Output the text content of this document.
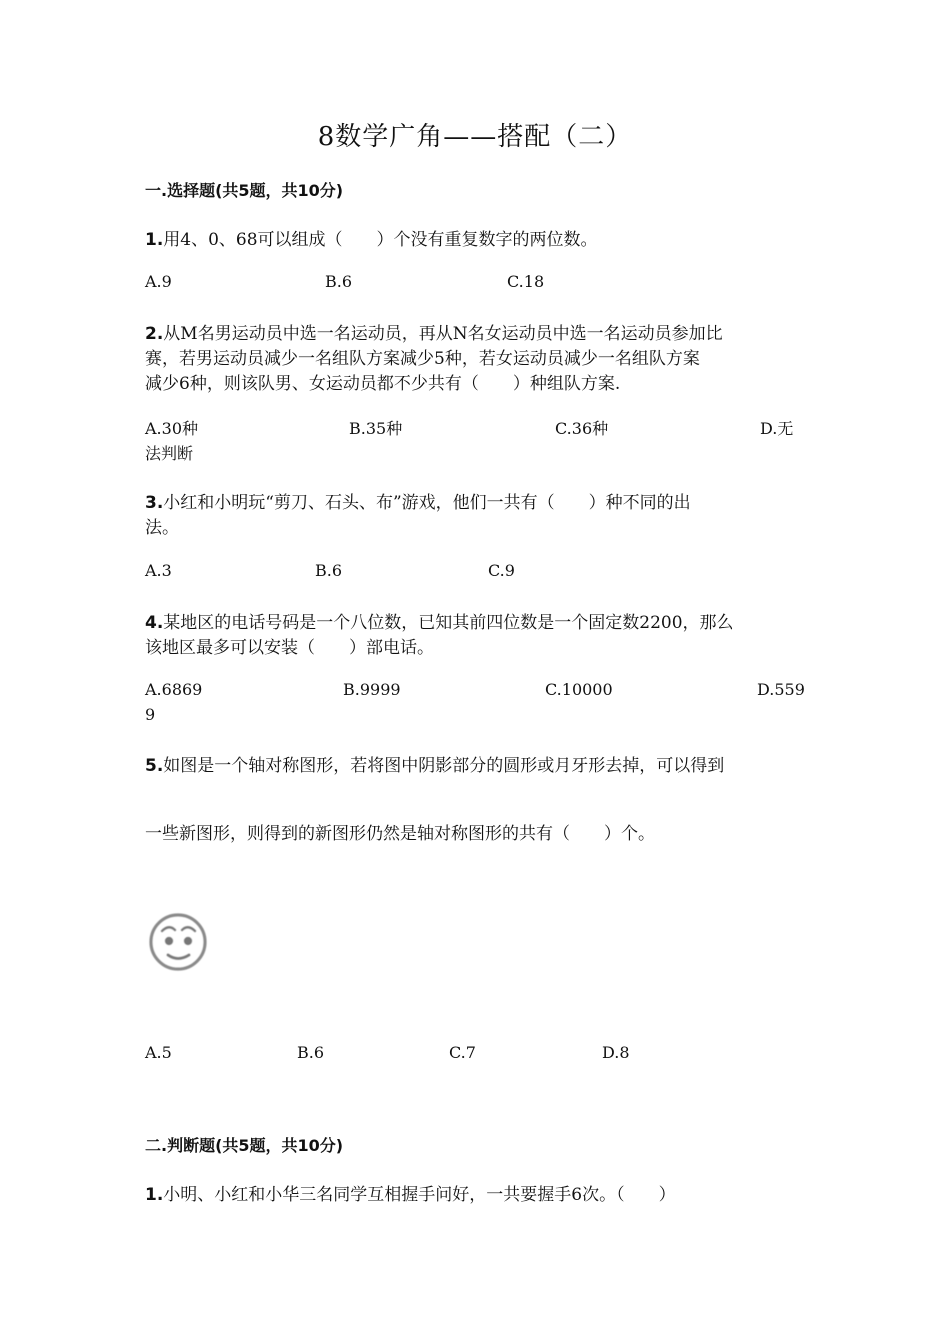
8数学广角——搭配（二）
一.选择题(共5题，共10分)
1.用4、0、68可以组成（　　）个没有重复数字的两位数。
A.9	B.6	C.18
2.从M名男运动员中选一名运动员，再从N名女运动员中选一名运动员参加比
赛，若男运动员减少一名组队方案减少5种，若女运动员减少一名组队方案
减少6种，则该队男、女运动员都不少共有（　　）种组队方案.
A.30种	B.35种	C.36种	D.无
法判断
3.小红和小明玩“剪刀、石头、布”游戏，他们一共有（　　）种不同的出
法。
A.3	B.6	C.9
4.某地区的电话号码是一个八位数，已知其前四位数是一个固定数2200，那么
该地区最多可以安装（　　）部电话。
A.6869	B.9999	C.10000	D.559
9
5.如图是一个轴对称图形，若将图中阴影部分的圆形或月牙形去掉，可以得到
一些新图形，则得到的新图形仍然是轴对称图形的共有（　　）个。
A.5	B.6	C.7	D.8
二.判断题(共5题，共10分)
1.小明、小红和小华三名同学互相握手问好，一共要握手6次。（　　）
